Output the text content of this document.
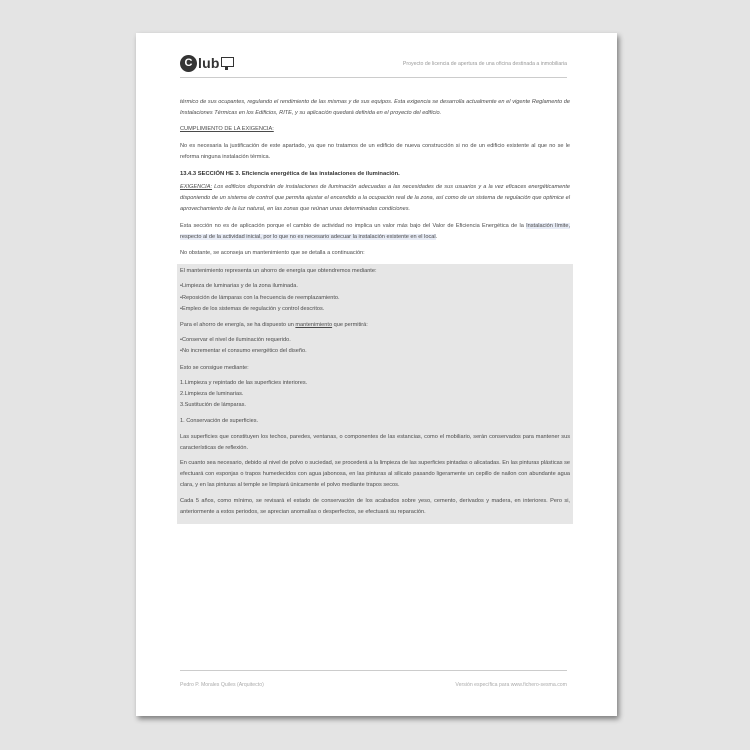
C lub	Proyecto de licencia de apertura de una oficina destinada a inmobiliaria

térmico de sus ocupantes, regulando el rendimiento de las mismas y de sus equipos. Esta exigencia se desarrolla actualmente en el vigente Reglamento de Instalaciones Térmicas en los Edificios, RITE, y su aplicación quedará definida en el proyecto del edificio.

CUMPLIMIENTO DE LA EXIGENCIA:

No es necesaria la justificación de este apartado, ya que no tratamos de un edificio de nueva construcción si no de un edificio existente al que no se le reforma ninguna instalación térmica.

13.4.3 SECCIÓN HE 3. Eficiencia energética de las instalaciones de iluminación.

EXIGENCIA: Los edificios dispondrán de instalaciones de iluminación adecuadas a las necesidades de sus usuarios y a la vez eficaces energéticamente disponiendo de un sistema de control que permita ajustar el encendido a la ocupación real de la zona, así como de un sistema de regulación que optimice el aprovechamiento de la luz natural, en las zonas que reúnan unas determinadas condiciones.

Esta sección no es de aplicación porque el cambio de actividad no implica un valor más bajo del Valor de Eficiencia Energética de la Instalación límite, respecto al de la actividad inicial, por lo que no es necesario adecuar la instalación existente en el local.

No obstante, se aconseja un mantenimiento que se detalla a continuación:

El mantenimiento representa un ahorro de energía que obtendremos mediante:

•Limpieza de luminarias y de la zona iluminada.

•Reposición de lámparas con la frecuencia de reemplazamiento.

•Empleo de los sistemas de regulación y control descritos.

Para el ahorro de energía, se ha dispuesto un mantenimiento que permitirá:

•Conservar el nivel de iluminación requerido.

•No incrementar el consumo energético del diseño.

Esto se consigue mediante:

1.Limpieza y repintado de las superficies interiores.

2.Limpieza de luminarias.

3.Sustitución de lámparas.

1. Conservación de superficies.

Las superficies que constituyen los techos, paredes, ventanas, o componentes de las estancias, como el mobiliario, serán conservados para mantener sus características de reflexión.

En cuanto sea necesario, debido al nivel de polvo o suciedad, se procederá a la limpieza de las superficies pintadas o alicatadas. En las pinturas plásticas se efectuará con esponjas o trapos humedecidos con agua jabonosa, en las pinturas al silicato pasando ligeramente un cepillo de nailon con abundante agua clara, y en las pinturas al temple se limpiará únicamente el polvo mediante trapos secos.

Cada 5 años, como mínimo, se revisará el estado de conservación de los acabados sobre yeso, cemento, derivados y madera, en interiores. Pero si, anteriormente a estos periodos, se aprecian anomalías o desperfectos, se efectuará su reparación.

Pedro P. Morales Quiles (Arquitecto)	Versión específica para www.fichero-sesma.com
